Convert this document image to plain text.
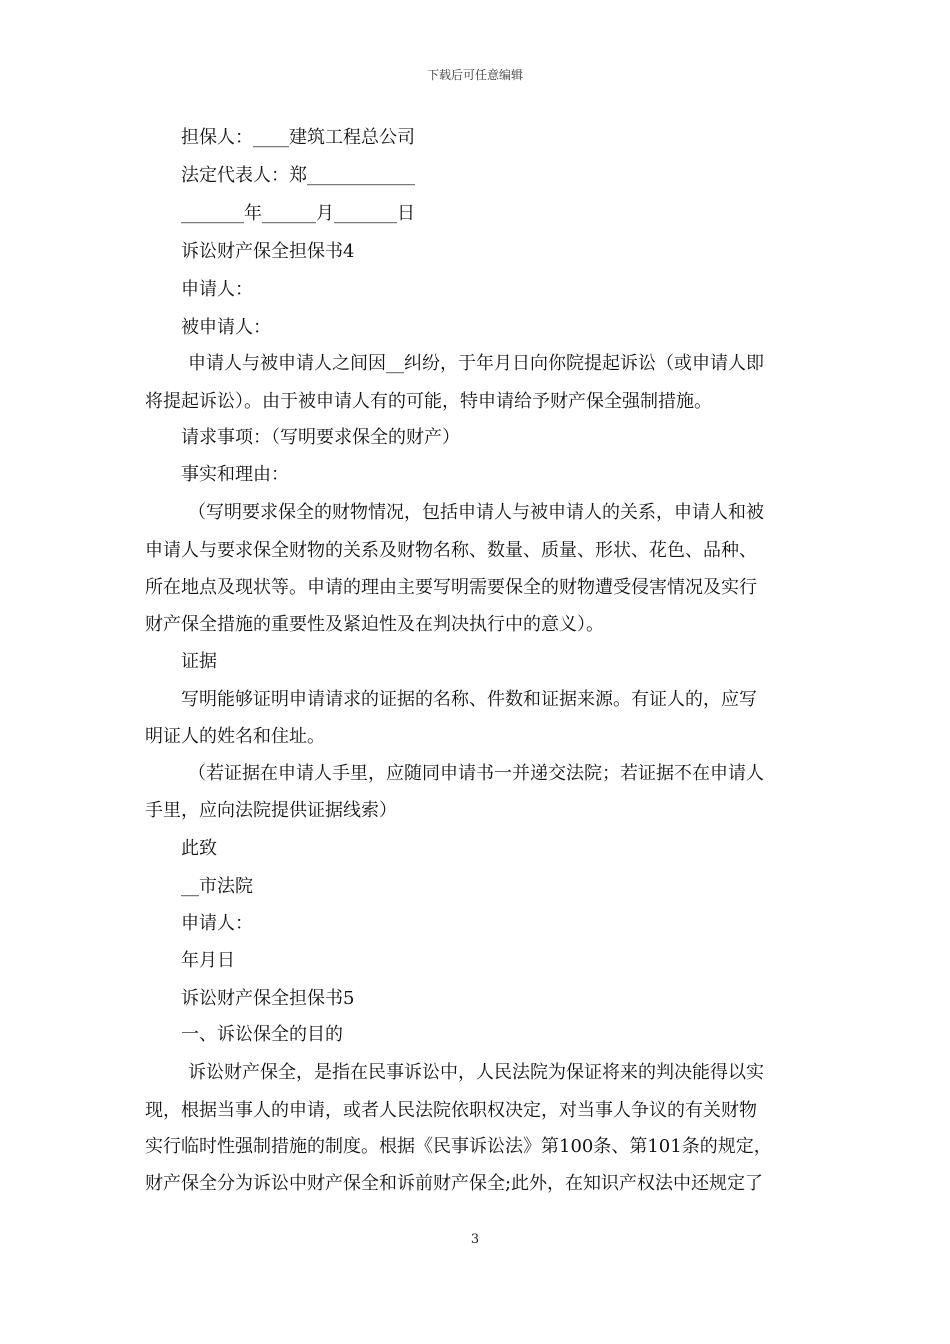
下载后可任意编辑
担保人：____建筑工程总公司
法定代表人：郑____________
_______年______月_______日
诉讼财产保全担保书4
申请人：
被申请人：
申请人与被申请人之间因__纠纷，于年月日向你院提起诉讼（或申请人即
将提起诉讼）。由于被申请人有的可能，特申请给予财产保全强制措施。
请求事项：（写明要求保全的财产）
事实和理由：
（写明要求保全的财物情况，包括申请人与被申请人的关系，申请人和被
申请人与要求保全财物的关系及财物名称、数量、质量、形状、花色、品种、
所在地点及现状等。申请的理由主要写明需要保全的财物遭受侵害情况及实行
财产保全措施的重要性及紧迫性及在判决执行中的意义）。
证据
写明能够证明申请请求的证据的名称、件数和证据来源。有证人的，应写
明证人的姓名和住址。
（若证据在申请人手里，应随同申请书一并递交法院；若证据不在申请人
手里，应向法院提供证据线索）
此致
__市法院
申请人：
年月日
诉讼财产保全担保书5
一、诉讼保全的目的
诉讼财产保全，是指在民事诉讼中，人民法院为保证将来的判决能得以实
现，根据当事人的申请，或者人民法院依职权决定，对当事人争议的有关财物
实行临时性强制措施的制度。根据《民事诉讼法》第100条、第101条的规定，
财产保全分为诉讼中财产保全和诉前财产保全;此外，在知识产权法中还规定了
3
